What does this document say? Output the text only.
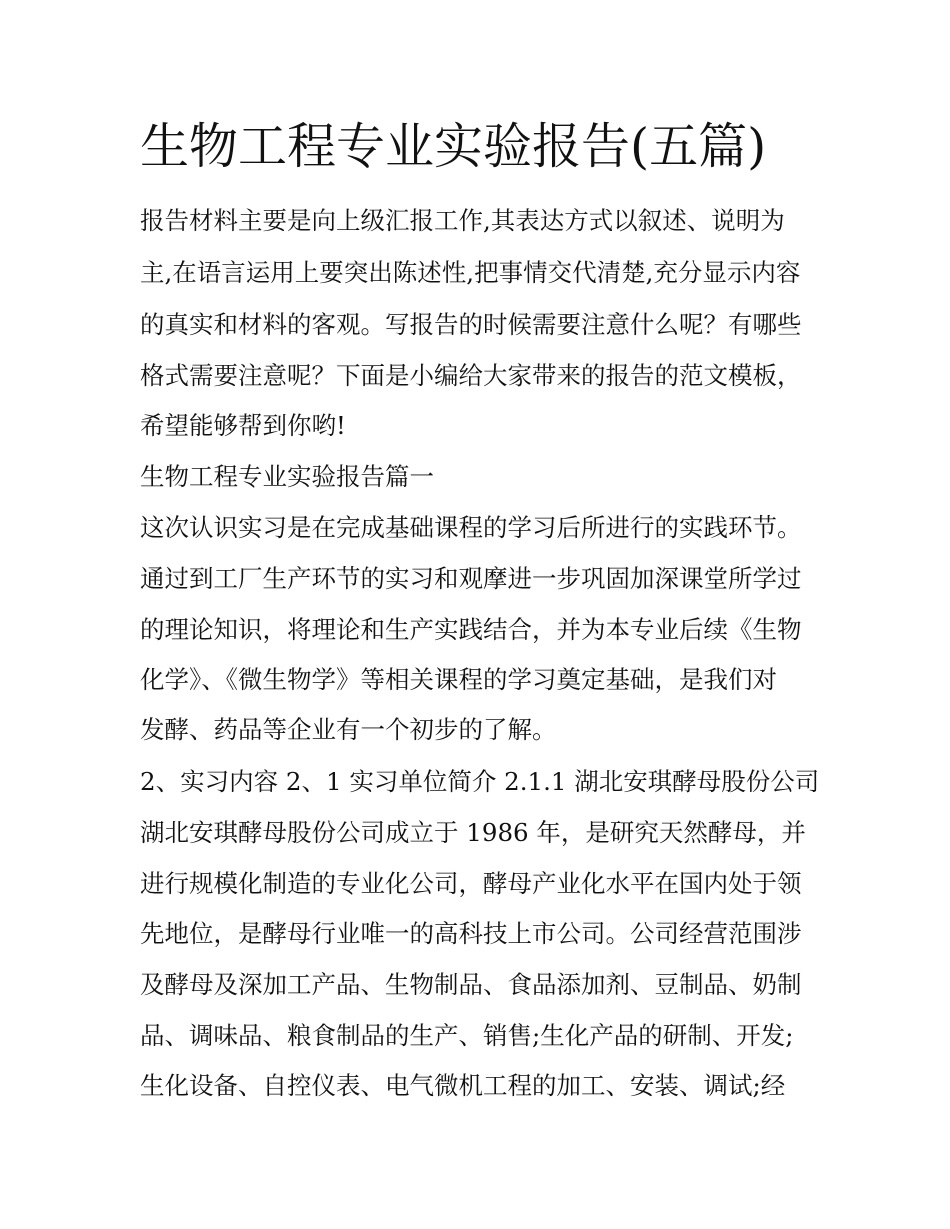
生物工程专业实验报告(五篇)

报告材料主要是向上级汇报工作,其表达方式以叙述、说明为

主,在语言运用上要突出陈述性,把事情交代清楚,充分显示内容

的真实和材料的客观。写报告的时候需要注意什么呢？有哪些

格式需要注意呢？下面是小编给大家带来的报告的范文模板，

希望能够帮到你哟!

生物工程专业实验报告篇一

这次认识实习是在完成基础课程的学习后所进行的实践环节。

通过到工厂生产环节的实习和观摩进一步巩固加深课堂所学过

的理论知识，将理论和生产实践结合，并为本专业后续《生物

化学》、《微生物学》等相关课程的学习奠定基础，是我们对

发酵、药品等企业有一个初步的了解。

2、实习内容 2、1 实习单位简介 2.1.1 湖北安琪酵母股份公司

湖北安琪酵母股份公司成立于 1986 年，是研究天然酵母，并

进行规模化制造的专业化公司，酵母产业化水平在国内处于领

先地位，是酵母行业唯一的高科技上市公司。公司经营范围涉

及酵母及深加工产品、生物制品、食品添加剂、豆制品、奶制

品、调味品、粮食制品的生产、销售;生化产品的研制、开发;

生化设备、自控仪表、电气微机工程的加工、安装、调试;经
